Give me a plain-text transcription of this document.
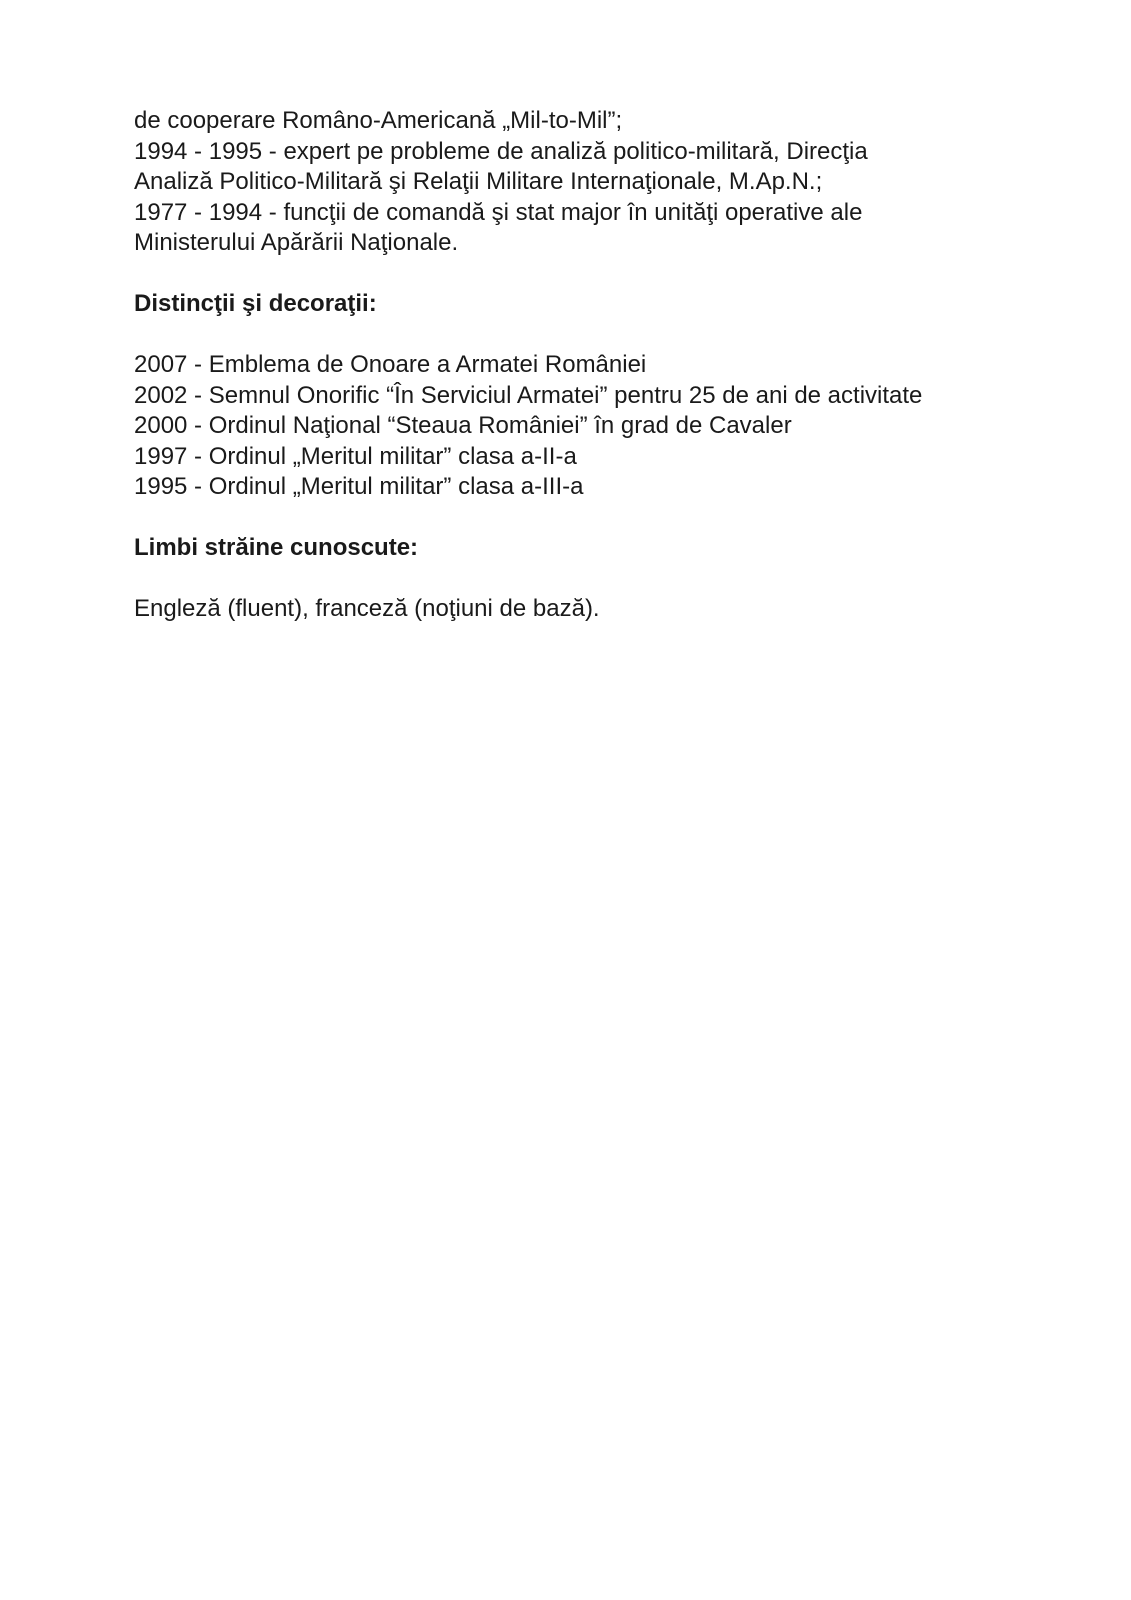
de cooperare Româno-Americană „Mil-to-Mil”;
1994 - 1995 - expert pe probleme de analiză politico-militară, Direcţia
Analiză Politico-Militară şi Relaţii Militare Internaţionale, M.Ap.N.;
1977 - 1994 - funcţii de comandă şi stat major în unităţi operative ale
Ministerului Apărării Naţionale.
Distincţii şi decoraţii:
2007 - Emblema de Onoare a Armatei României
2002 - Semnul Onorific “În Serviciul Armatei” pentru 25 de ani de activitate
2000 - Ordinul Naţional “Steaua României” în grad de Cavaler
1997 - Ordinul „Meritul militar” clasa a-II-a
1995 - Ordinul „Meritul militar” clasa a-III-a
Limbi străine cunoscute:
Engleză (fluent), franceză (noţiuni de bază).
